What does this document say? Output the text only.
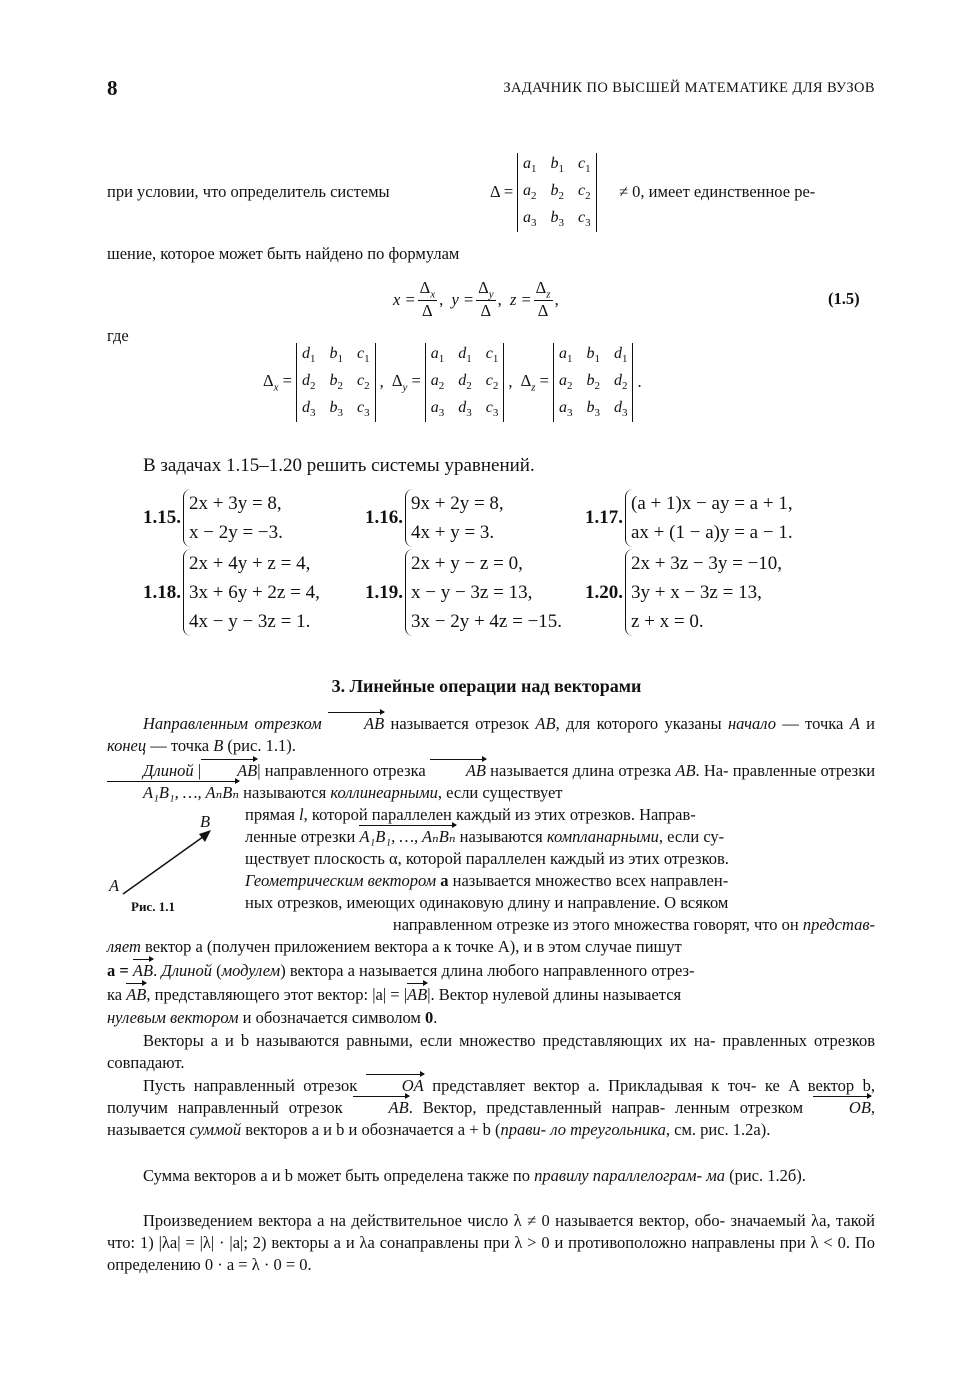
8	ЗАДАЧНИК ПО ВЫСШЕЙ МАТЕМАТИКЕ ДЛЯ ВУЗОВ
при условии, что определитель системы	Δ =
$a_1$ $b_1$ $c_1$
$a_2$ $b_2$ $c_2$
$a_3$ $b_3$ $c_3$
≠ 0, имеет единственное ре-
шение, которое может быть найдено по формулам
$x = \frac{\Delta_x}{\Delta}$ , $y = \frac{\Delta_y}{\Delta}$ , $z = \frac{\Delta_z}{\Delta}$ ,	(1.5)
где
$\Delta_x$ =
$d_1$ $b_1$ $c_1$
$d_2$ $b_2$ $c_2$
$d_3$ $b_3$ $c_3$
, $\Delta_y$ =
$a_1$ $d_1$ $c_1$
$a_2$ $d_2$ $c_2$
$a_3$ $d_3$ $c_3$
, $\Delta_z$ =
$a_1$ $b_1$ $d_1$
$a_2$ $b_2$ $d_2$
$a_3$ $b_3$ $d_3$
.
В задачах 1.15–1.20 решить системы уравнений.
1.15.
2x + 3y = 8,
x − 2y = −3.
1.16.
9x + 2y = 8,
4x + y = 3.
1.17.
(a + 1)x − ay = a + 1,
ax + (1 − a)y = a − 1.
1.18.
2x + 4y + z = 4,
3x + 6y + 2z = 4,
4x − y − 3z = 1.
1.19.
2x + y − z = 0,
x − y − 3z = 13,
3x − 2y + 4z = −15.
1.20.
2x + 3z − 3y = −10,
3y + x − 3z = 13,
z + x = 0.
3. Линейные операции над векторами
Направленным отрезком	AB называется отрезок AB, для которого указаны начало — точка A и конец — точка B (рис. 1.1).
Длиной | AB| направленного отрезка AB называется длина отрезка AB. На- правленные отрезки A₁B₁, …, AₙBₙ называются коллинеарными, если существует
A
B
Рис. 1.1
прямая l, которой параллелен каждый из этих отрезков. Направ-
ленные отрезки A₁B₁, …, AₙBₙ называются компланарными, если су-
ществует плоскость α, которой параллелен каждый из этих отрезков.
Геометрическим вектором a называется множество всех направлен-
ных отрезков, имеющих одинаковую длину и направление. О всяком
направленном отрезке из этого множества говорят, что он представ-
ляет вектор a (получен приложением вектора a к точке A), и в этом случае пишут
a = AB. Длиной (модулем) вектора a называется длина любого направленного отрез-
ка AB, представляющего этот вектор: |a| = |AB|. Вектор нулевой длины называется
нулевым вектором и обозначается символом 0.
Векторы a и b называются равными, если множество представляющих их на- правленных отрезков совпадают.
Пусть направленный отрезок	OA представляет вектор a. Прикладывая к точ- ке A вектор b, получим направленный отрезок	AB. Вектор, представленный направ- ленным отрезком	OB, называется суммой векторов a и b и обозначается a + b (прави- ло треугольника, см. рис. 1.2а).
Сумма векторов a и b может быть определена также по правилу параллелограм- ма (рис. 1.2б).
Произведением вектора a на действительное число λ ≠ 0 называется вектор, обо- значаемый λa, такой что: 1) |λa| = |λ| · |a|; 2) векторы a и λa сонаправлены при λ > 0 и противоположно направлены при λ < 0. По определению 0 · a = λ · 0 = 0.
